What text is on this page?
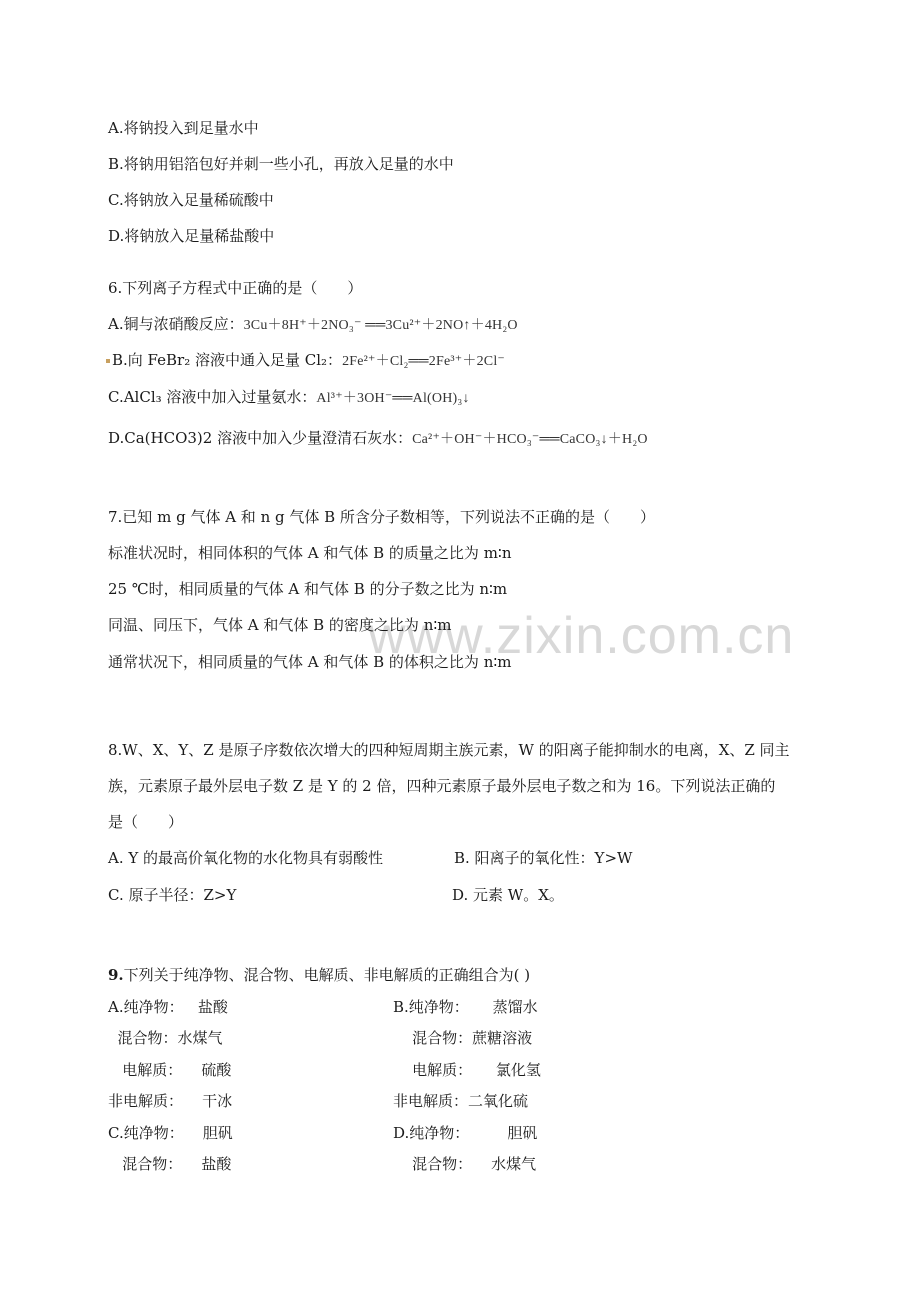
www.zixin.com.cn
A.将钠投入到足量水中
B.将钠用铝箔包好并刺一些小孔，再放入足量的水中
C.将钠放入足量稀硫酸中
D.将钠放入足量稀盐酸中
6.下列离子方程式中正确的是（　　）
A.铜与浓硝酸反应：3Cu＋8H⁺＋2NO₃⁻ ══3Cu²⁺＋2NO↑＋4H₂O
B.向 FeBr₂ 溶液中通入足量 Cl₂：2Fe²⁺＋Cl₂══2Fe³⁺＋2Cl⁻
C.AlCl₃ 溶液中加入过量氨水：Al³⁺＋3OH⁻══Al(OH)₃↓
D.Ca(HCO3)2 溶液中加入少量澄清石灰水：Ca²⁺＋OH⁻＋HCO₃⁻══CaCO₃↓＋H₂O
7.已知 m g 气体 A 和 n g 气体 B 所含分子数相等，下列说法不正确的是（　　）
标准状况时，相同体积的气体 A 和气体 B 的质量之比为 m∶n
25 ℃时，相同质量的气体 A 和气体 B 的分子数之比为 n∶m
同温、同压下，气体 A 和气体 B 的密度之比为 n∶m
通常状况下，相同质量的气体 A 和气体 B 的体积之比为 n∶m
8.W、X、Y、Z 是原子序数依次增大的四种短周期主族元素，W 的阳离子能抑制水的电离，X、Z 同主
族，元素原子最外层电子数 Z 是 Y 的 2 倍，四种元素原子最外层电子数之和为 16。下列说法正确的
是（　　）
A. Y 的最高价氧化物的水化物具有弱酸性	B. 阳离子的氧化性：Y>W
C. 原子半径：Z>Y	D. 元素 W。X。
9.下列关于纯净物、混合物、电解质、非电解质的正确组合为( )
A.纯净物：   盐酸
混合物：水煤气
电解质：    硫酸
非电解质：    干冰
C.纯净物：    胆矾
混合物：    盐酸
B.纯净物：     蒸馏水
混合物：蔗糖溶液
电解质：     氯化氢
非电解质：二氧化硫
D.纯净物：        胆矾
混合物：    水煤气
